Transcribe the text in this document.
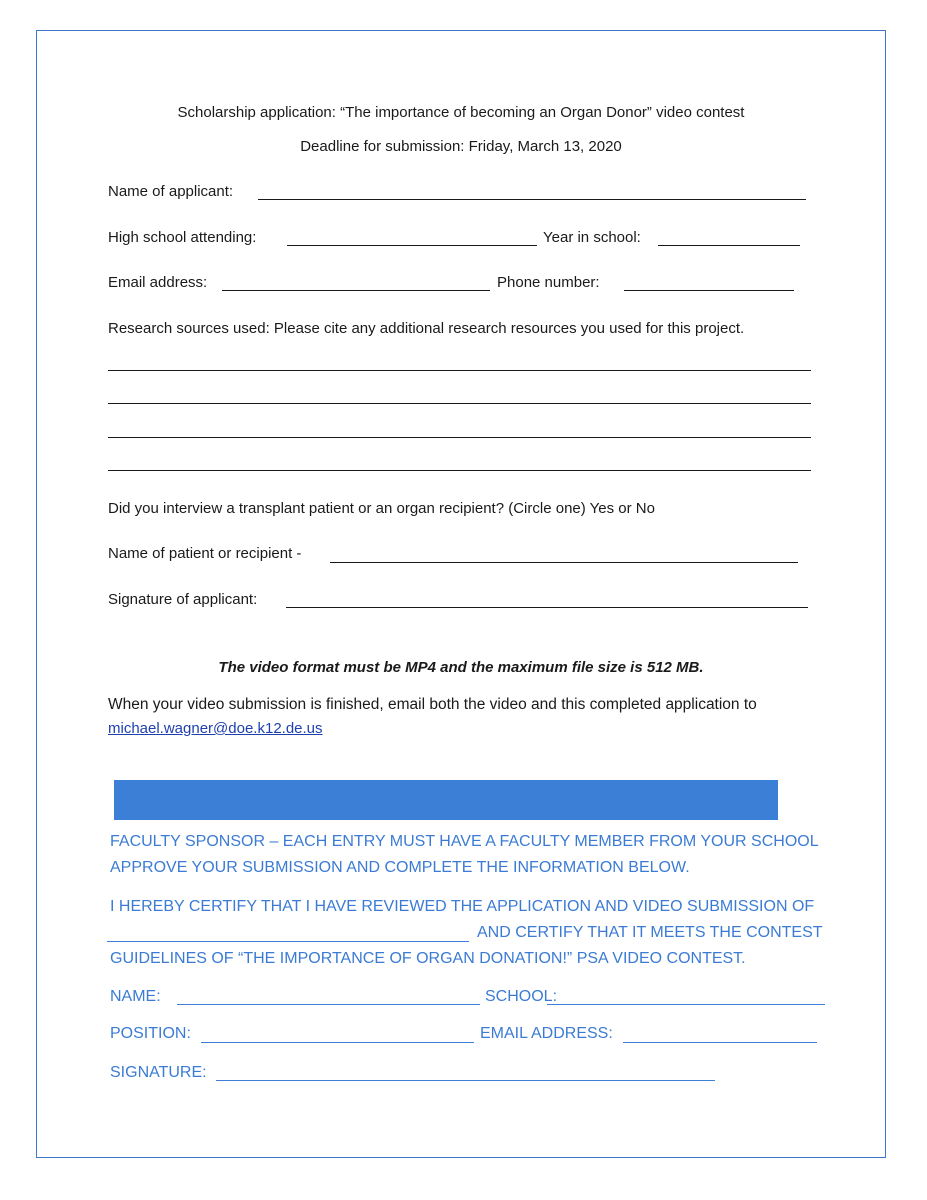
Scholarship application: “The importance of becoming an Organ Donor” video contest
Deadline for submission: Friday, March 13, 2020
Name of applicant:
High school attending:	Year in school:
Email address:	Phone number:
Research sources used: Please cite any additional research resources you used for this project.
Did you interview a transplant patient or an organ recipient? (Circle one) Yes or No
Name of patient or recipient -
Signature of applicant:
The video format must be MP4 and the maximum file size is 512 MB.
When your video submission is finished, email both the video and this completed application to
michael.wagner@doe.k12.de.us
FACULTY SPONSOR – EACH ENTRY MUST HAVE A FACULTY MEMBER FROM YOUR SCHOOL
APPROVE YOUR SUBMISSION AND COMPLETE THE INFORMATION BELOW.
I HEREBY CERTIFY THAT I HAVE REVIEWED THE APPLICATION AND VIDEO SUBMISSION OF
AND CERTIFY THAT IT MEETS THE CONTEST
GUIDELINES OF “THE IMPORTANCE OF ORGAN DONATION!” PSA VIDEO CONTEST.
NAME:	SCHOOL:
POSITION:	EMAIL ADDRESS:
SIGNATURE:
